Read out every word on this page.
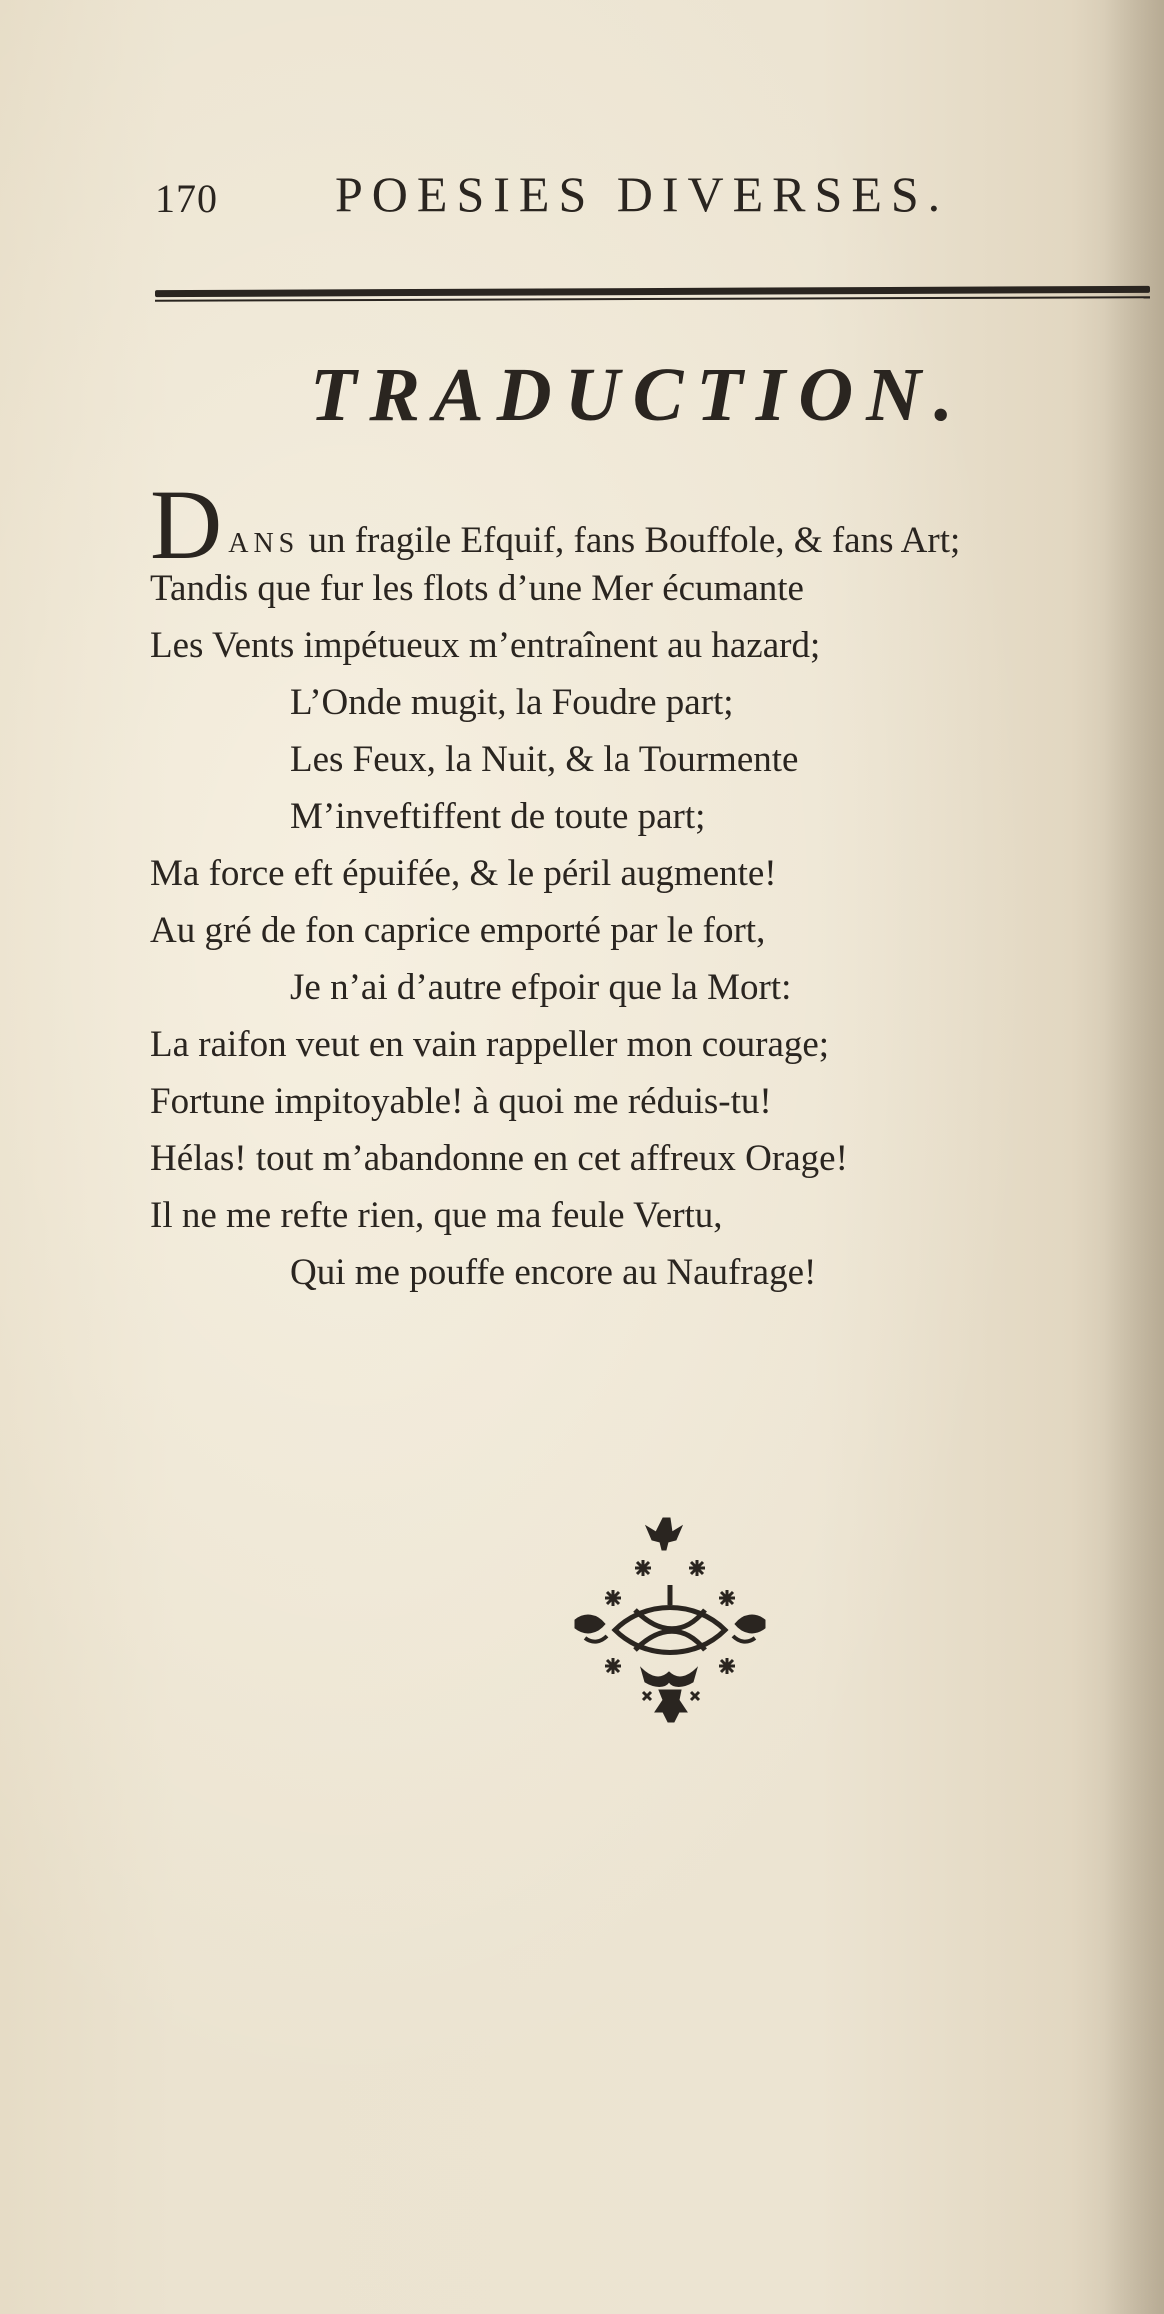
170 POESIES DIVERSES.
TRADUCTION.
DANS un fragile Efquif, fans Bouffole, & fans Art;
Tandis que fur les flots d’une Mer écumante
Les Vents impétueux m’entraînent au hazard;
L’Onde mugit, la Foudre part;
Les Feux, la Nuit, & la Tourmente
M’inveftiffent de toute part;
Ma force eft épuifée, & le péril augmente!
Au gré de fon caprice emporté par le fort,
Je n’ai d’autre efpoir que la Mort:
La raifon veut en vain rappeller mon courage;
Fortune impitoyable! à quoi me réduis-tu!
Hélas! tout m’abandonne en cet affreux Orage!
Il ne me refte rien, que ma feule Vertu,
Qui me pouffe encore au Naufrage!
